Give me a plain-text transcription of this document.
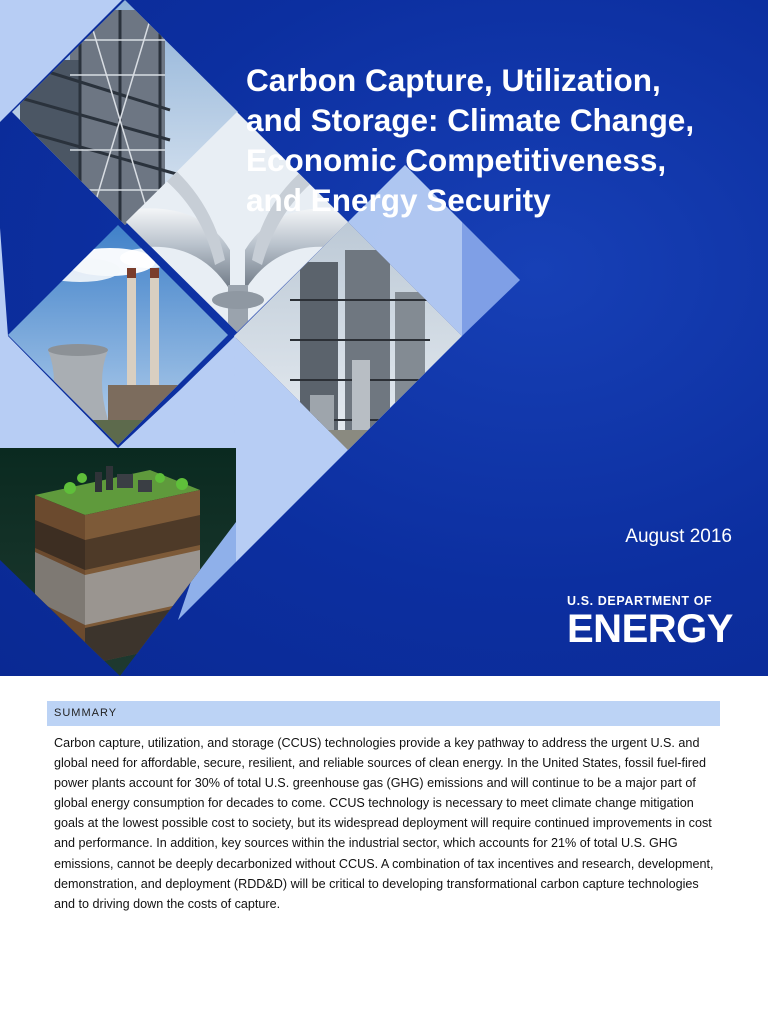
Carbon Capture, Utilization,
and Storage: Climate Change,
Economic Competitiveness,
and Energy Security
August 2016
U.S. DEPARTMENT OF
ENERGY
SUMMARY

Carbon capture, utilization, and storage (CCUS) technologies provide a key pathway to address the urgent U.S. and global need for affordable, secure, resilient, and reliable sources of clean energy. In the United States, fossil fuel-fired power plants account for 30% of total U.S. greenhouse gas (GHG) emissions and will continue to be a major part of global energy consumption for decades to come. CCUS technology is necessary to meet climate change mitigation goals at the lowest possible cost to society, but its widespread deployment will require continued improvements in cost and performance. In addition, key sources within the industrial sector, which accounts for 21% of total U.S. GHG emissions, cannot be deeply decarbonized without CCUS. A combination of tax incentives and research, development, demonstration, and deployment (RDD&D) will be critical to developing transformational carbon capture technologies and to driving down the costs of capture.
